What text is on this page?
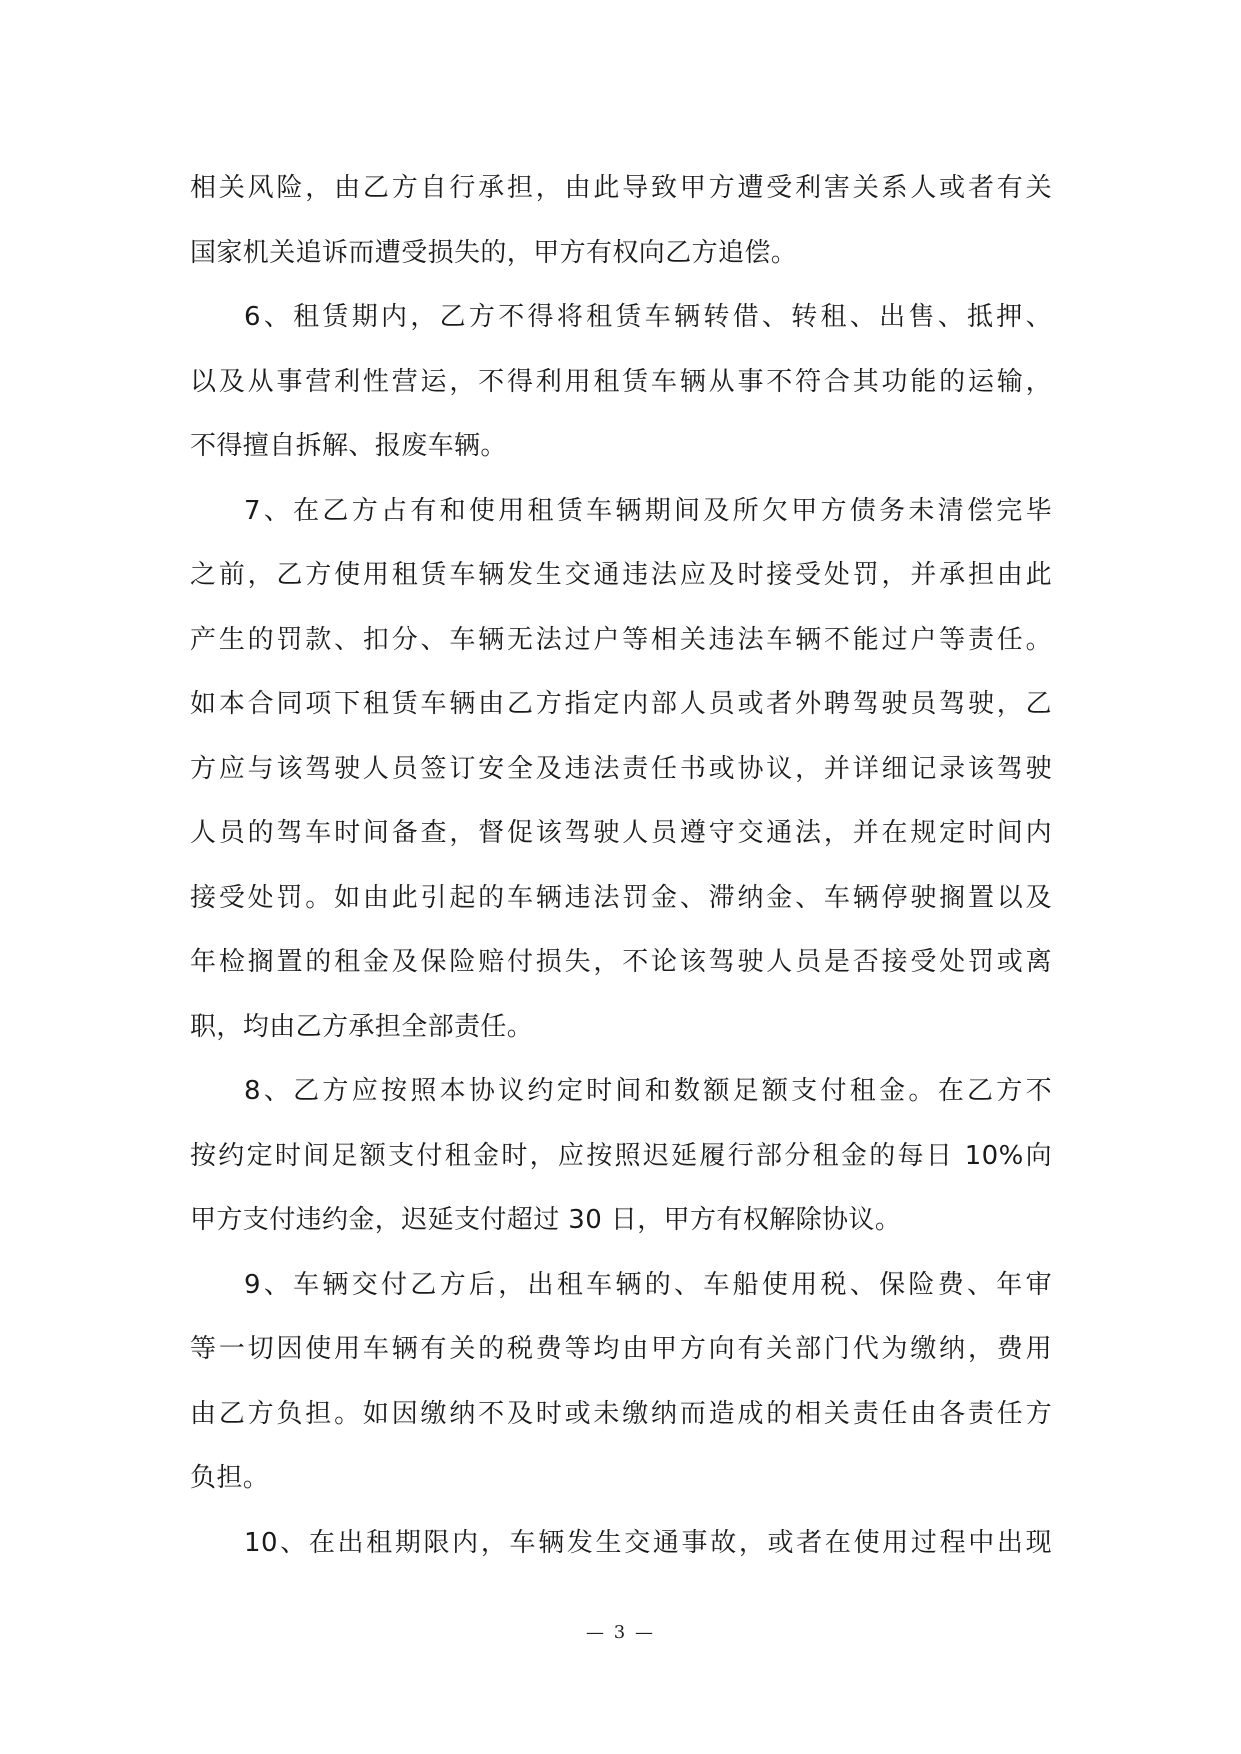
相关风险，由乙方自行承担，由此导致甲方遭受利害关系人或者有关
国家机关追诉而遭受损失的，甲方有权向乙方追偿。
6、租赁期内，乙方不得将租赁车辆转借、转租、出售、抵押、
以及从事营利性营运，不得利用租赁车辆从事不符合其功能的运输，
不得擅自拆解、报废车辆。
7、在乙方占有和使用租赁车辆期间及所欠甲方债务未清偿完毕
之前，乙方使用租赁车辆发生交通违法应及时接受处罚，并承担由此
产生的罚款、扣分、车辆无法过户等相关违法车辆不能过户等责任。
如本合同项下租赁车辆由乙方指定内部人员或者外聘驾驶员驾驶，乙
方应与该驾驶人员签订安全及违法责任书或协议，并详细记录该驾驶
人员的驾车时间备查，督促该驾驶人员遵守交通法，并在规定时间内
接受处罚。如由此引起的车辆违法罚金、滞纳金、车辆停驶搁置以及
年检搁置的租金及保险赔付损失，不论该驾驶人员是否接受处罚或离
职，均由乙方承担全部责任。
8、乙方应按照本协议约定时间和数额足额支付租金。在乙方不
按约定时间足额支付租金时，应按照迟延履行部分租金的每日 10%向
甲方支付违约金，迟延支付超过 30 日，甲方有权解除协议。
9、车辆交付乙方后，出租车辆的、车船使用税、保险费、年审
等一切因使用车辆有关的税费等均由甲方向有关部门代为缴纳，费用
由乙方负担。如因缴纳不及时或未缴纳而造成的相关责任由各责任方
负担。
10、在出租期限内，车辆发生交通事故，或者在使用过程中出现
— 3 —
